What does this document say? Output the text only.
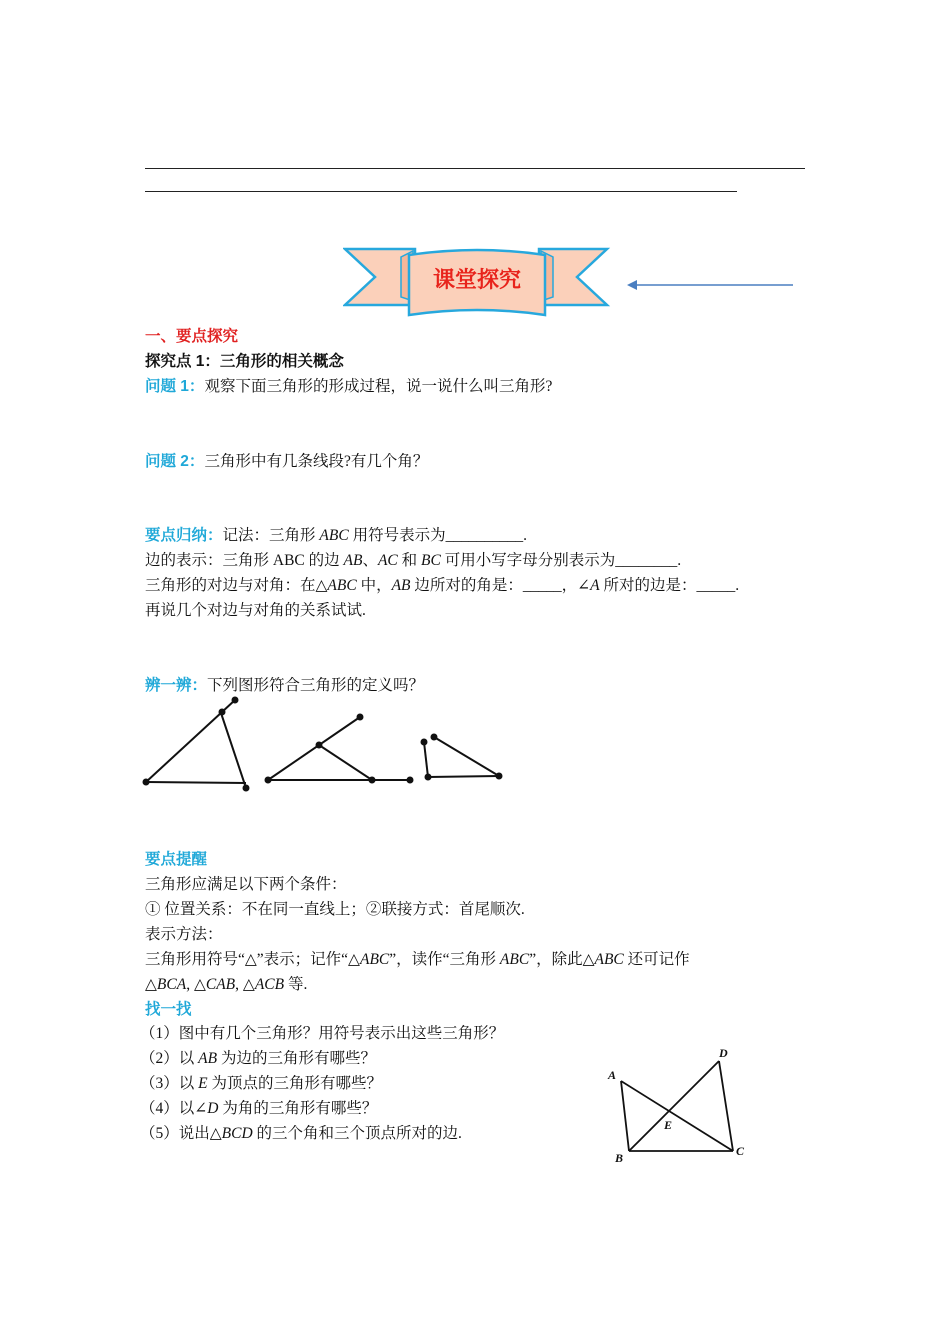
课堂探究
一、要点探究
探究点 1：三角形的相关概念
问题 1：观察下面三角形的形成过程，说一说什么叫三角形?
问题 2：三角形中有几条线段?有几个角？
要点归纳：记法：三角形 ABC 用符号表示为__________.
边的表示：三角形 ABC 的边 AB、AC 和 BC 可用小写字母分别表示为________.
三角形的对边与对角：在△ABC 中，AB 边所对的角是：_____，∠A 所对的边是：_____.
再说几个对边与对角的关系试试.
辨一辨：下列图形符合三角形的定义吗？
要点提醒
三角形应满足以下两个条件：
① 位置关系：不在同一直线上；②联接方式：首尾顺次.
表示方法：
三角形用符号“△”表示；记作“△ABC”，读作“三角形 ABC”，除此△ABC 还可记作
△BCA, △CAB, △ACB 等.
找一找
（1）图中有几个三角形？用符号表示出这些三角形？
（2）以 AB 为边的三角形有哪些？
（3）以 E 为顶点的三角形有哪些？
（4）以∠D 为角的三角形有哪些？
（5）说出△BCD 的三个角和三个顶点所对的边.
A
B	C
D
E
